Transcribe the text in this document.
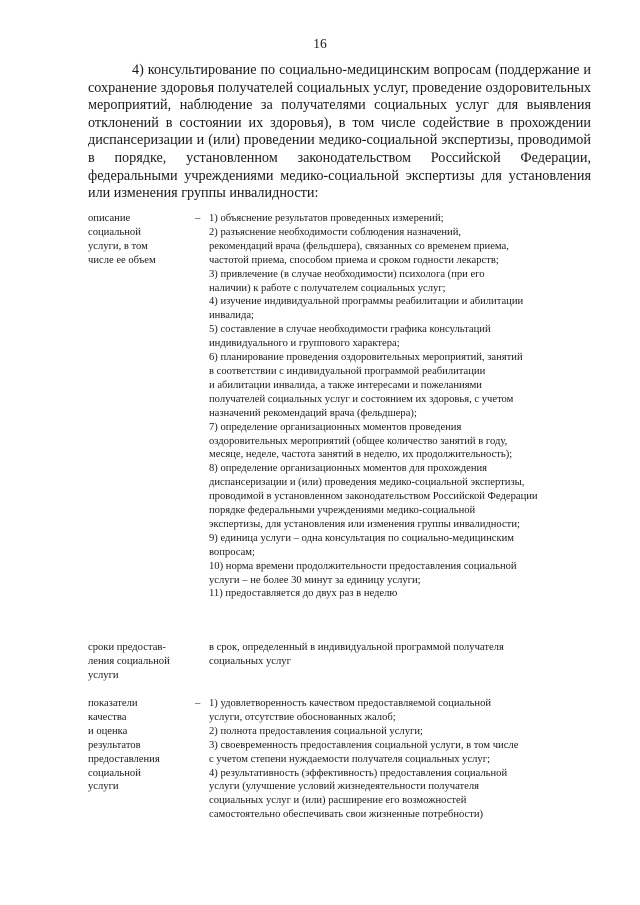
16

4) консультирование по социально-медицинским вопросам (поддержание и сохранение здоровья получателей социальных услуг, проведение оздоровительных мероприятий, наблюдение за получателями социальных услуг для выявления отклонений в состоянии их здоровья), в том числе содействие в прохождении диспансеризации и (или) проведении медико-социальной экспертизы, проводимой в порядке, установленном законодательством Российской Федерации, федеральными учреждениями медико-социальной экспертизы для установления или изменения группы инвалидности:

описание
социальной
услуги, в том
числе ее объем
– 1) объяснение результатов проведенных измерений;
2) разъяснение необходимости соблюдения назначений,
рекомендаций врача (фельдшера), связанных со временем приема,
частотой приема, способом приема и сроком годности лекарств;
3) привлечение (в случае необходимости) психолога (при его
наличии) к работе с получателем социальных услуг;
4) изучение индивидуальной программы реабилитации и абилитации
инвалида;
5) составление в случае необходимости графика консультаций
индивидуального и группового характера;
6) планирование проведения оздоровительных мероприятий, занятий
в соответствии с индивидуальной программой реабилитации
и абилитации инвалида, а также интересами и пожеланиями
получателей социальных услуг и состоянием их здоровья, с учетом
назначений рекомендаций врача (фельдшера);
7) определение организационных моментов проведения
оздоровительных мероприятий (общее количество занятий в году,
месяце, неделе, частота занятий в неделю, их продолжительность);
8) определение организационных моментов для прохождения
диспансеризации и (или) проведения медико-социальной экспертизы,
проводимой в установленном законодательством Российской Федерации
порядке федеральными учреждениями медико-социальной
экспертизы, для установления или изменения группы инвалидности;
9) единица услуги – одна консультация по социально-медицинским
вопросам;
10) норма времени продолжительности предоставления социальной
услуги – не более 30 минут за единицу услуги;
11) предоставляется до двух раз в неделю
сроки предостав-
ления социальной
услуги
в срок, определенный в индивидуальной программой получателя
социальных услуг
показатели
качества
и оценка
результатов
предоставления
социальной
услуги
– 1) удовлетворенность качеством предоставляемой социальной
услуги, отсутствие обоснованных жалоб;
2) полнота предоставления социальной услуги;
3) своевременность предоставления социальной услуги, в том числе
с учетом степени нуждаемости получателя социальных услуг;
4) результативность (эффективность) предоставления социальной
услуги (улучшение условий жизнедеятельности получателя
социальных услуг и (или) расширение его возможностей
самостоятельно обеспечивать свои жизненные потребности)
